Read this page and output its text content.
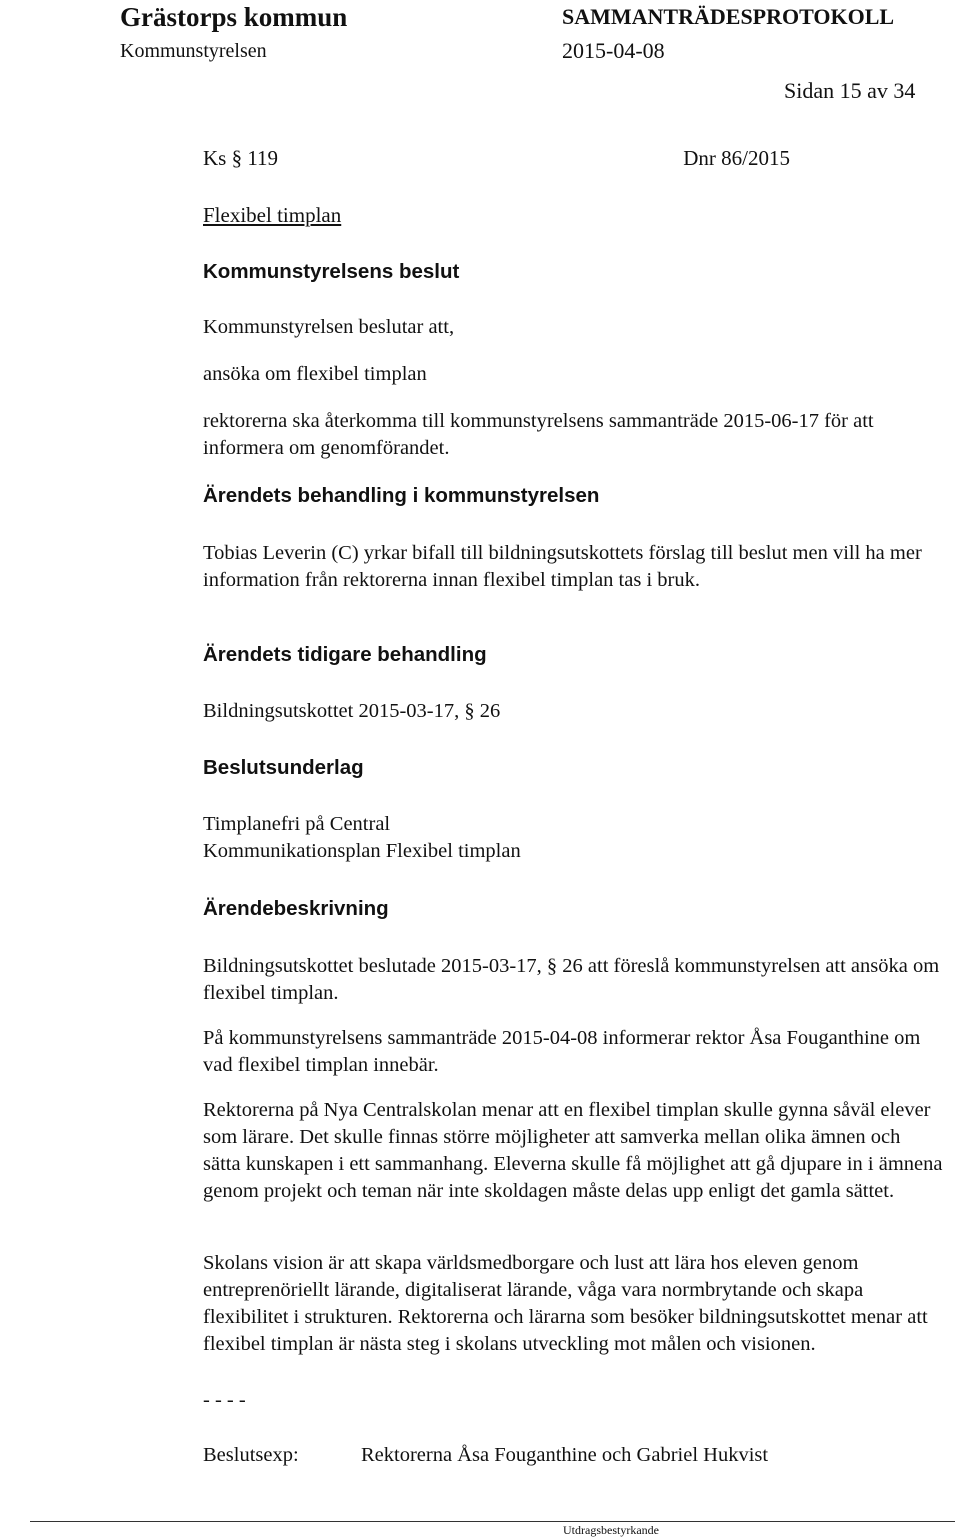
Grästorps kommun	SAMMANTRÄDESPROTOKOLL
Kommunstyrelsen	2015-04-08
Sidan 15 av 34
Ks § 119	Dnr 86/2015
Flexibel timplan
Kommunstyrelsens beslut
Kommunstyrelsen beslutar att,
ansöka om flexibel timplan
rektorerna ska återkomma till kommunstyrelsens sammanträde 2015-06-17 för att informera om genomförandet.
Ärendets behandling i kommunstyrelsen
Tobias Leverin (C) yrkar bifall till bildningsutskottets förslag till beslut men vill ha mer information från rektorerna innan flexibel timplan tas i bruk.
Ärendets tidigare behandling
Bildningsutskottet 2015-03-17, § 26
Beslutsunderlag
Timplanefri på Central
Kommunikationsplan Flexibel timplan
Ärendebeskrivning
Bildningsutskottet beslutade 2015-03-17, § 26 att föreslå kommunstyrelsen att ansöka om flexibel timplan.
På kommunstyrelsens sammanträde 2015-04-08 informerar rektor Åsa Fouganthine om vad flexibel timplan innebär.
Rektorerna på Nya Centralskolan menar att en flexibel timplan skulle gynna såväl elever som lärare. Det skulle finnas större möjligheter att samverka mellan olika ämnen och sätta kunskapen i ett sammanhang. Eleverna skulle få möjlighet att gå djupare in i ämnena genom projekt och teman när inte skoldagen måste delas upp enligt det gamla sättet.
Skolans vision är att skapa världsmedborgare och lust att lära hos eleven genom entreprenöriellt lärande, digitaliserat lärande, våga vara normbrytande och skapa flexibilitet i strukturen. Rektorerna och lärarna som besöker bildningsutskottet menar att flexibel timplan är nästa steg i skolans utveckling mot målen och visionen.
- - - -
Beslutsexp:	Rektorerna Åsa Fouganthine och Gabriel Hukvist
Utdragsbestyrkande
